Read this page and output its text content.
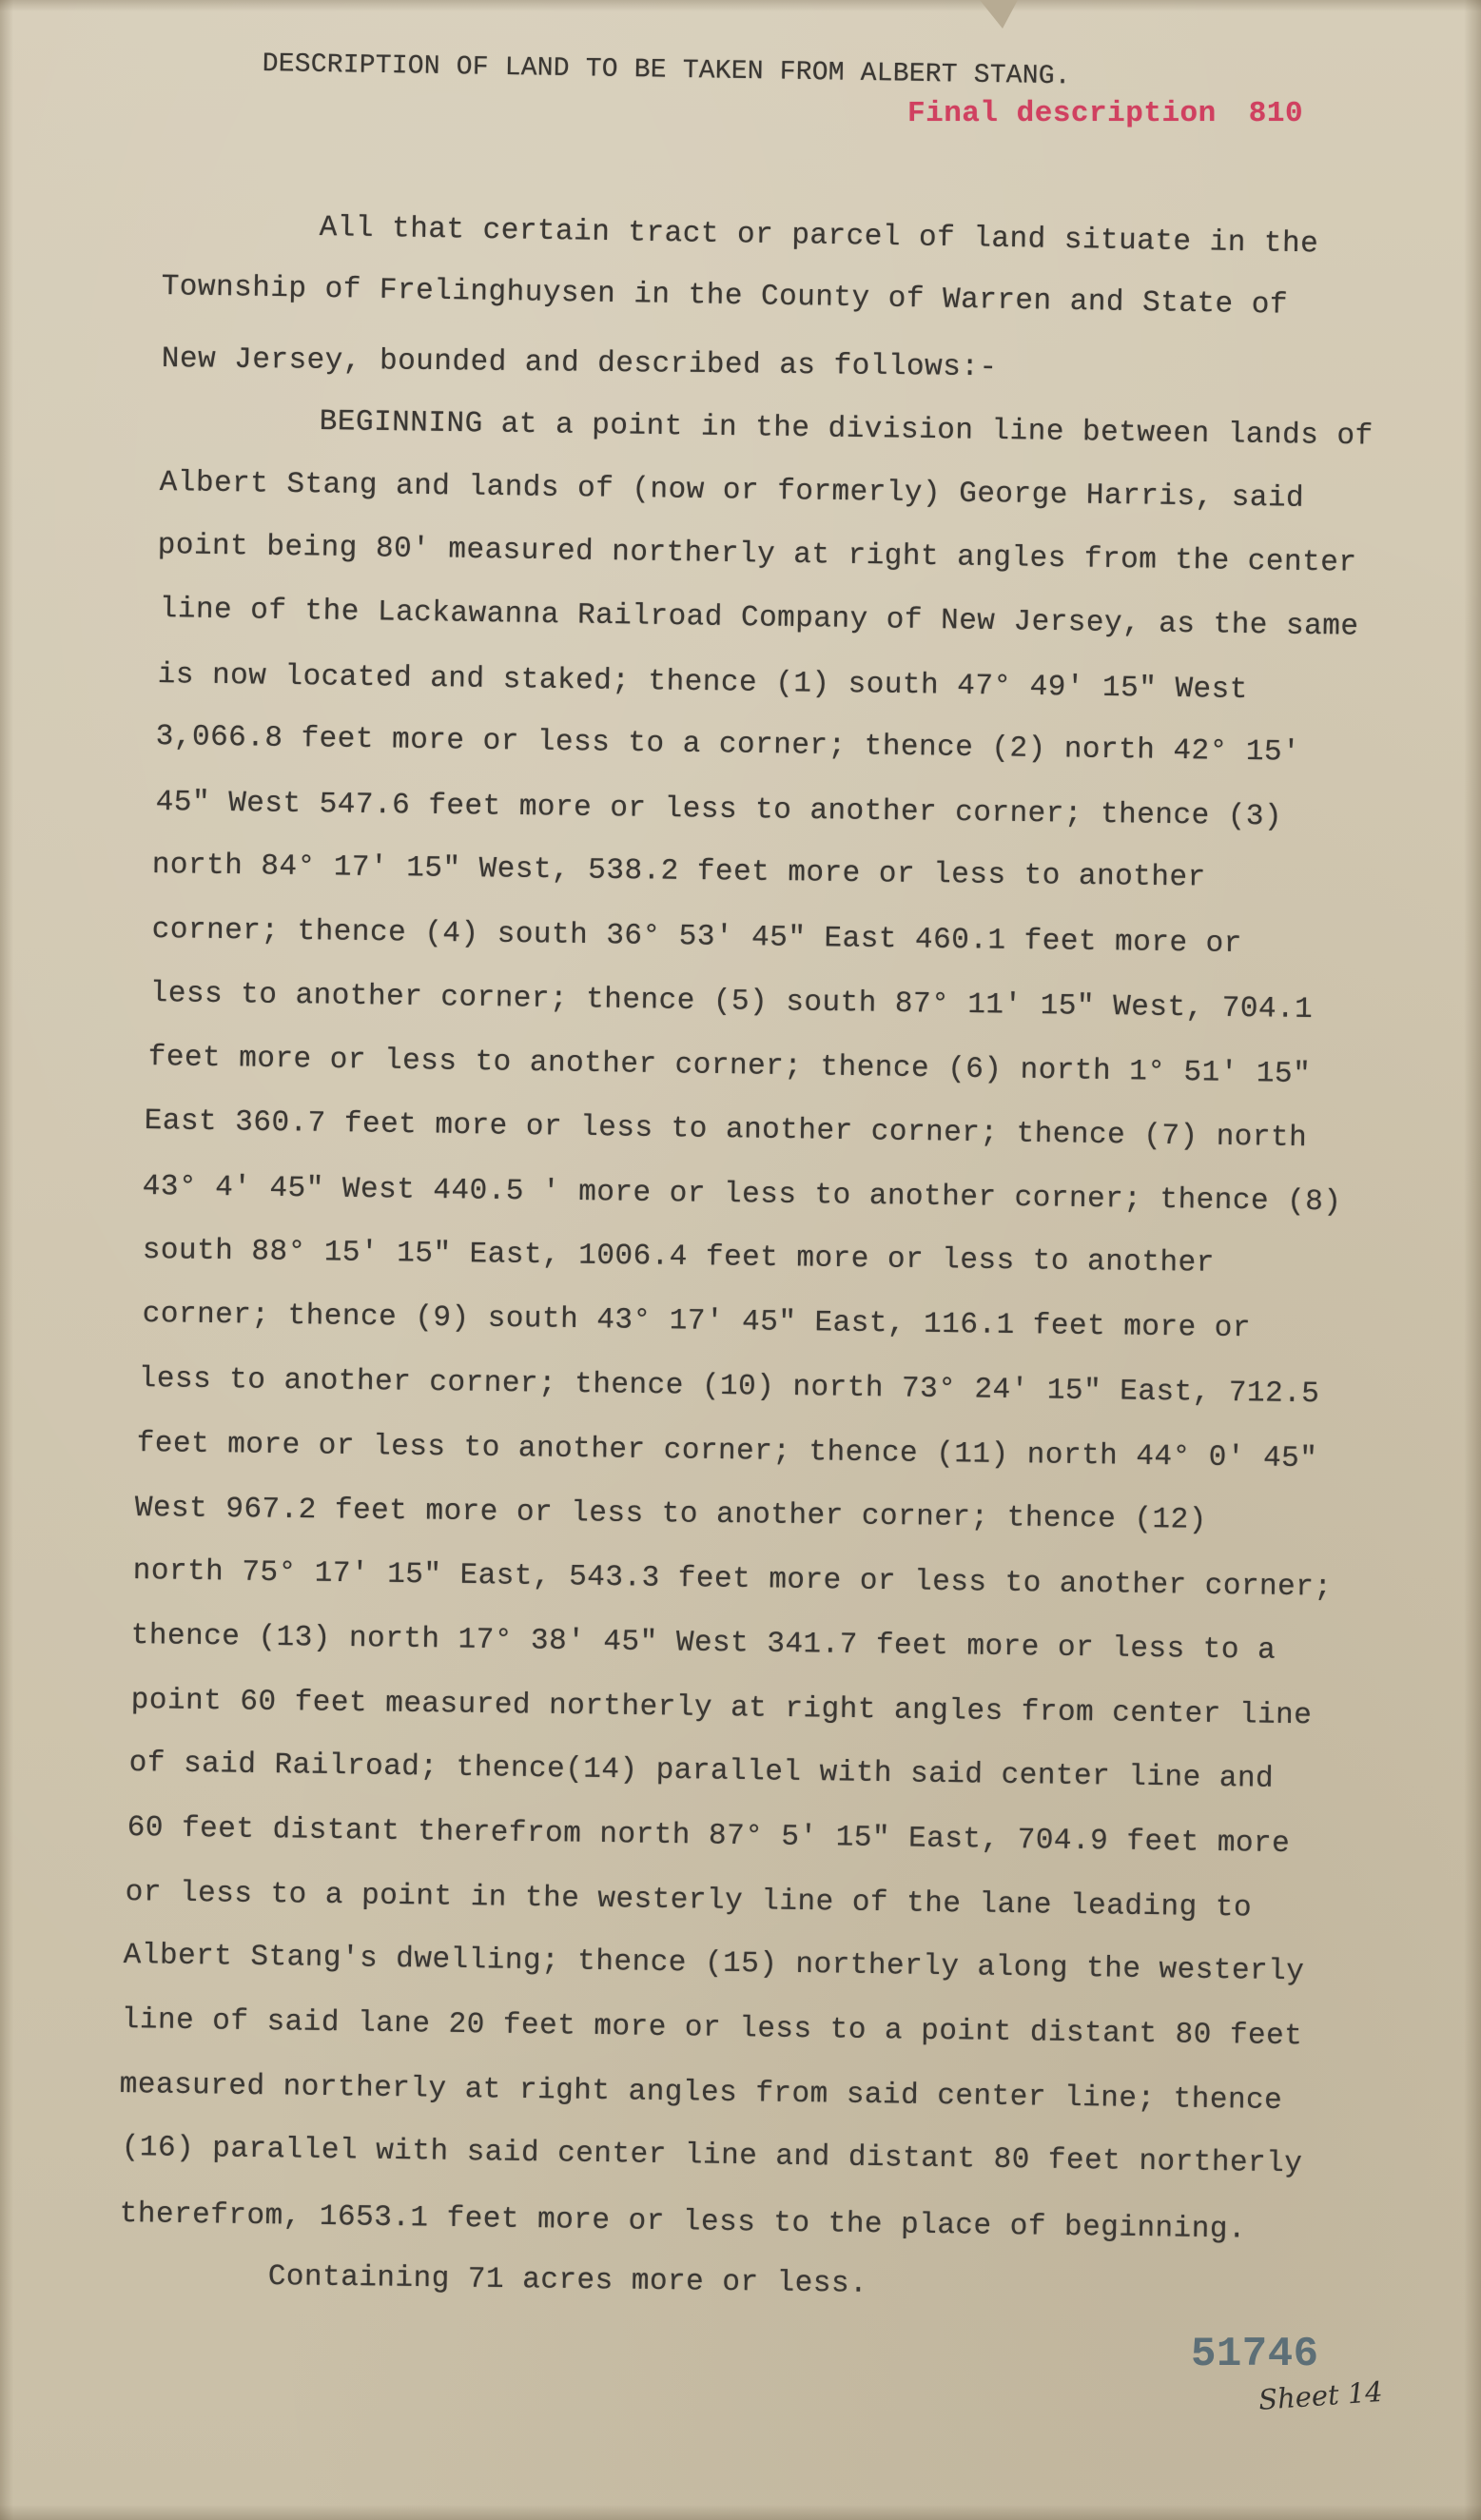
DESCRIPTION OF LAND TO BE TAKEN FROM ALBERT STANG.
Final description 810
All that certain tract or parcel of land situate in the
Township of Frelinghuysen in the County of Warren and State of
New Jersey, bounded and described as follows:-
BEGINNING at a point in the division line between lands of
Albert Stang and lands of (now or formerly) George Harris, said
point being 80' measured northerly at right angles from the center
line of the Lackawanna Railroad Company of New Jersey, as the same
is now located and staked; thence (1) south 47° 49' 15" West
3,066.8 feet more or less to a corner; thence (2) north 42° 15'
45" West 547.6 feet more or less to another corner; thence (3)
north 84° 17' 15" West, 538.2 feet more or less to another
corner; thence (4) south 36° 53' 45" East 460.1 feet more or
less to another corner; thence (5) south 87° 11' 15" West, 704.1
feet more or less to another corner; thence (6) north 1° 51' 15"
East 360.7 feet more or less to another corner; thence (7) north
43° 4' 45" West 440.5 ' more or less to another corner; thence (8)
south 88° 15' 15" East, 1006.4 feet more or less to another
corner; thence (9) south 43° 17' 45" East, 116.1 feet more or
less to another corner; thence (10) north 73° 24' 15" East, 712.5
feet more or less to another corner; thence (11) north 44° 0' 45"
West 967.2 feet more or less to another corner; thence (12)
north 75° 17' 15" East, 543.3 feet more or less to another corner;
thence (13) north 17° 38' 45" West 341.7 feet more or less to a
point 60 feet measured northerly at right angles from center line
of said Railroad; thence(14) parallel with said center line and
60 feet distant therefrom north 87° 5' 15" East, 704.9 feet more
or less to a point in the westerly line of the lane leading to
Albert Stang's dwelling; thence (15) northerly along the westerly
line of said lane 20 feet more or less to a point distant 80 feet
measured northerly at right angles from said center line; thence
(16) parallel with said center line and distant 80 feet northerly
therefrom, 1653.1 feet more or less to the place of beginning.
Containing 71 acres more or less.
51746
Sheet 14
